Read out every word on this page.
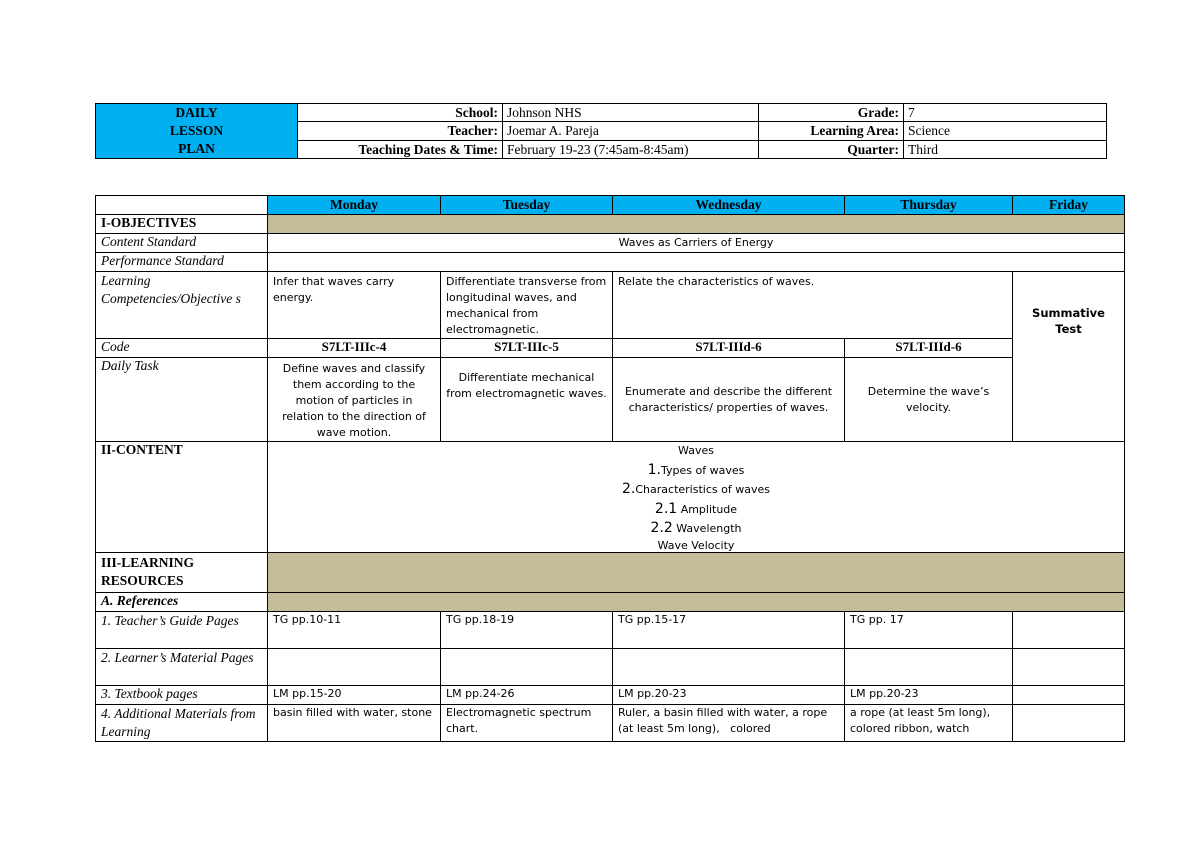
DAILY
LESSON
PLAN	School:	Johnson NHS	Grade:	7
	Teacher:	Joemar A. Pareja	Learning Area:	Science
	Teaching Dates & Time:	February 19-23 (7:45am-8:45am)	Quarter:	Third
	Monday	Tuesday	Wednesday	Thursday	Friday
I-OBJECTIVES					
Content Standard	Waves as Carriers of Energy				
Performance Standard					
Learning Competencies/Objective s	Infer that waves carry energy.	Differentiate transverse from longitudinal waves, and mechanical from electromagnetic.	Relate the characteristics of waves.		Summative Test

Code	S7LT-IIIc-4	S7LT-IIIc-5	S7LT-IIId-6	S7LT-IIId-6	
Daily Task	Define waves and classify them according to the motion of particles in relation to the direction of wave motion.	Differentiate mechanical from electromagnetic waves.	Enumerate and describe the different characteristics/ properties of waves.	Determine the wave’s velocity.	
II-CONTENT	Waves
1.Types of waves
2.Characteristics of waves
2.1 Amplitude
2.2 Wavelength
Wave Velocity

III-LEARNING RESOURCES					
A. References					
1. Teacher’s Guide Pages	TG pp.10-11	TG pp.18-19	TG pp.15-17	TG pp. 17	
2. Learner’s Material Pages					
3. Textbook pages	LM pp.15-20	LM pp.24-26	LM pp.20-23	LM pp.20-23	
4. Additional Materials from Learning	basin filled with water, stone	Electromagnetic spectrum chart.	Ruler, a basin filled with water, a rope (at least 5m long),   colored	a rope (at least 5m long), colored ribbon, watch	
